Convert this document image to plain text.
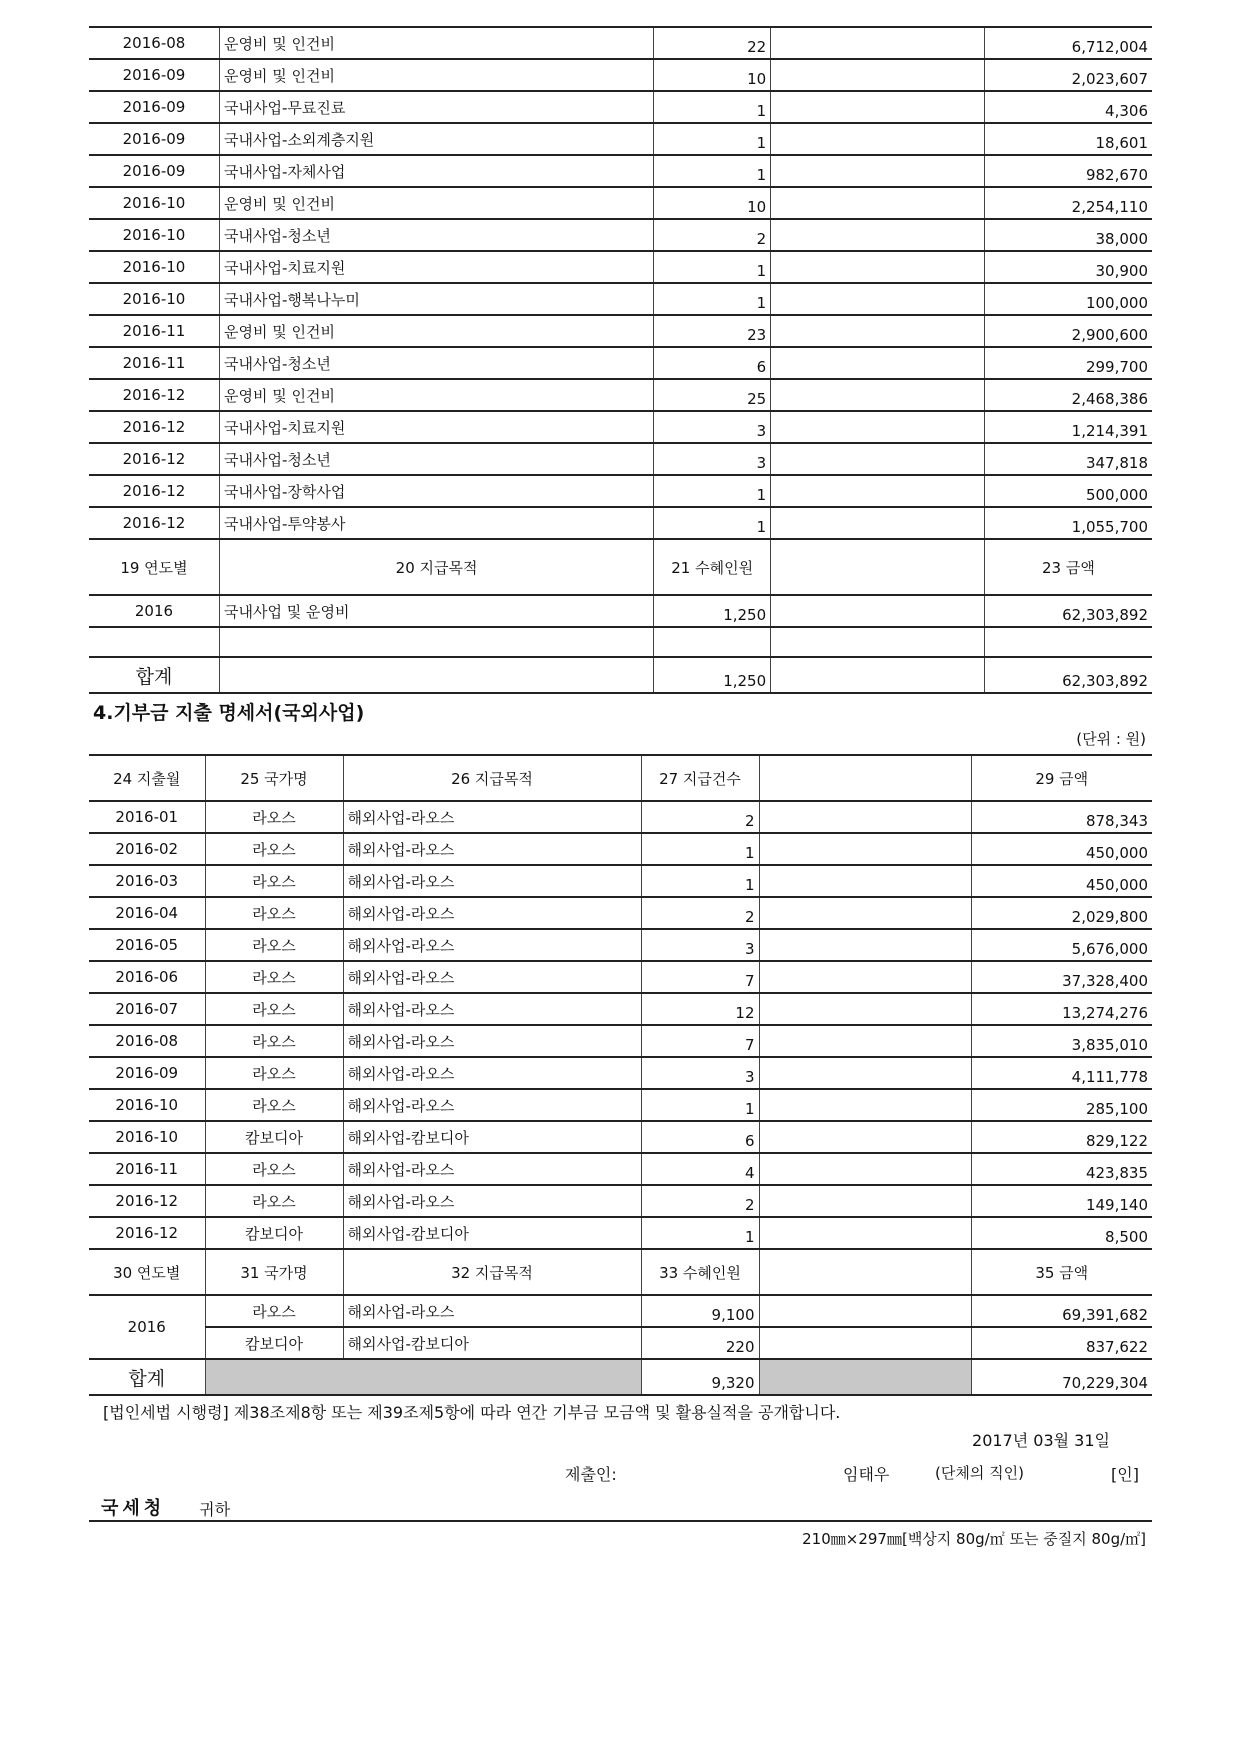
2016-08	운영비 및 인건비	22		6,712,004
2016-09	운영비 및 인건비	10		2,023,607
2016-09	국내사업-무료진료	1		4,306
2016-09	국내사업-소외계층지원	1		18,601
2016-09	국내사업-자체사업	1		982,670
2016-10	운영비 및 인건비	10		2,254,110
2016-10	국내사업-청소년	2		38,000
2016-10	국내사업-치료지원	1		30,900
2016-10	국내사업-행복나누미	1		100,000
2016-11	운영비 및 인건비	23		2,900,600
2016-11	국내사업-청소년	6		299,700
2016-12	운영비 및 인건비	25		2,468,386
2016-12	국내사업-치료지원	3		1,214,391
2016-12	국내사업-청소년	3		347,818
2016-12	국내사업-장학사업	1		500,000
2016-12	국내사업-투약봉사	1		1,055,700
19 연도별	20 지급목적	21 수혜인원		23 금액
2016	국내사업 및 운영비	1,250		62,303,892

합계		1,250		62,303,892
4.기부금 지출 명세서(국외사업)
(단위 : 원)
24 지출월	25 국가명	26 지급목적	27 지급건수		29 금액
2016-01	라오스	해외사업-라오스	2		878,343
2016-02	라오스	해외사업-라오스	1		450,000
2016-03	라오스	해외사업-라오스	1		450,000
2016-04	라오스	해외사업-라오스	2		2,029,800
2016-05	라오스	해외사업-라오스	3		5,676,000
2016-06	라오스	해외사업-라오스	7		37,328,400
2016-07	라오스	해외사업-라오스	12		13,274,276
2016-08	라오스	해외사업-라오스	7		3,835,010
2016-09	라오스	해외사업-라오스	3		4,111,778
2016-10	라오스	해외사업-라오스	1		285,100
2016-10	캄보디아	해외사업-캄보디아	6		829,122
2016-11	라오스	해외사업-라오스	4		423,835
2016-12	라오스	해외사업-라오스	2		149,140
2016-12	캄보디아	해외사업-캄보디아	1		8,500
30 연도별	31 국가명	32 지급목적	33 수혜인원		35 금액
2016	라오스	해외사업-라오스	9,100		69,391,682
	캄보디아	해외사업-캄보디아	220		837,622
합계			9,320		70,229,304
[법인세법 시행령] 제38조제8항 또는 제39조제5항에 따라 연간 기부금 모금액 및 활용실적을 공개합니다.
2017년 03월 31일
제출인:	임태우	(단체의 직인)	[인]
국세청 귀하
210㎜×297㎜[백상지 80g/㎡ 또는 중질지 80g/㎡]
